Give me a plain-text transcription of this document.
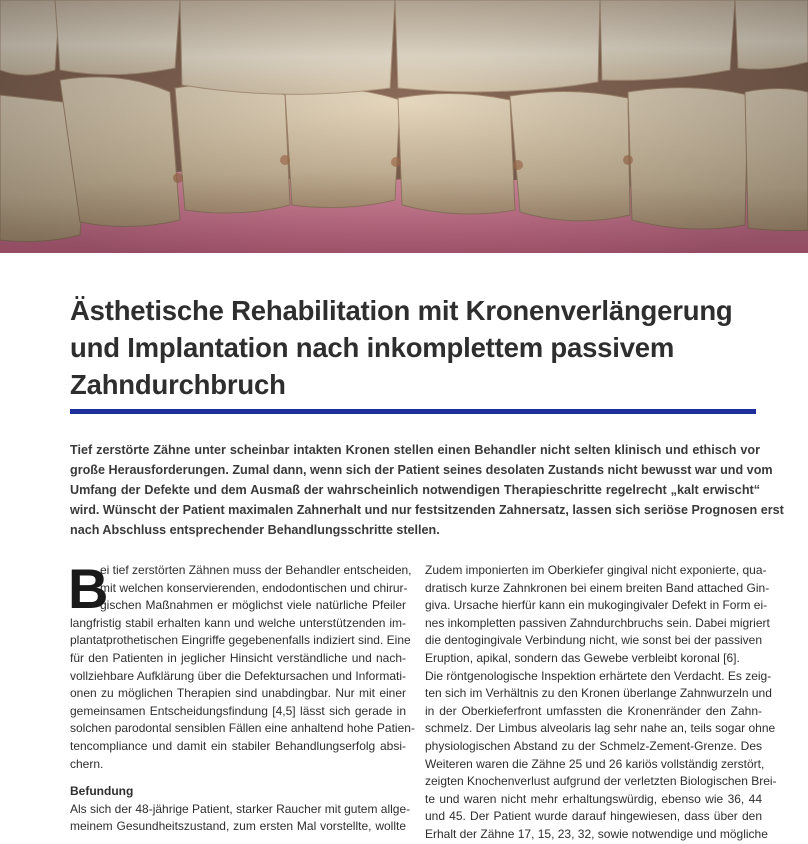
Ästhetische Rehabilitation mit Kronenverlängerung
und Implantation nach inkomplettem passivem
Zahndurchbruch

Tief zerstörte Zähne unter scheinbar intakten Kronen stellen einen Behandler nicht selten klinisch und ethisch vor
große Herausforderungen. Zumal dann, wenn sich der Patient seines desolaten Zustands nicht bewusst war und vom
Umfang der Defekte und dem Ausmaß der wahrscheinlich notwendigen Therapieschritte regelrecht „kalt erwischt“
wird. Wünscht der Patient maximalen Zahnerhalt und nur festsitzenden Zahnersatz, lassen sich seriöse Prognosen erst
nach Abschluss entsprechender Behandlungsschritte stellen.

B
ei tief zerstörten Zähnen muss der Behandler entscheiden,
mit welchen konservierenden, endodontischen und chirur-
gischen Maßnahmen er möglichst viele natürliche Pfeiler
langfristig stabil erhalten kann und welche unterstützenden im-
plantatprothetischen Eingriffe gegebenenfalls indiziert sind. Eine
für den Patienten in jeglicher Hinsicht verständliche und nach-
vollziehbare Aufklärung über die Defektursachen und Informati-
onen zu möglichen Therapien sind unabdingbar. Nur mit einer
gemeinsamen Entscheidungsfindung [4,5] lässt sich gerade in
solchen parodontal sensiblen Fällen eine anhaltend hohe Patien-
tencompliance und damit ein stabiler Behandlungserfolg absi-
chern.
Befundung
Als sich der 48-jährige Patient, starker Raucher mit gutem allge-
meinem Gesundheitszustand, zum ersten Mal vorstellte, wollte
Zudem imponierten im Oberkiefer gingival nicht exponierte, qua-
dratisch kurze Zahnkronen bei einem breiten Band attached Gin-
giva. Ursache hierfür kann ein mukogingivaler Defekt in Form ei-
nes inkompletten passiven Zahndurchbruchs sein. Dabei migriert
die dentogingivale Verbindung nicht, wie sonst bei der passiven
Eruption, apikal, sondern das Gewebe verbleibt koronal [6].
Die röntgenologische Inspektion erhärtete den Verdacht. Es zeig-
ten sich im Verhältnis zu den Kronen überlange Zahnwurzeln und
in der Oberkieferfront umfassten die Kronenränder den Zahn-
schmelz. Der Limbus alveolaris lag sehr nahe an, teils sogar ohne
physiologischen Abstand zu der Schmelz-Zement-Grenze. Des
Weiteren waren die Zähne 25 und 26 kariös vollständig zerstört,
zeigten Knochenverlust aufgrund der verletzten Biologischen Brei-
te und waren nicht mehr erhaltungswürdig, ebenso wie 36, 44
und 45. Der Patient wurde darauf hingewiesen, dass über den
Erhalt der Zähne 17, 15, 23, 32, sowie notwendige und mögliche
